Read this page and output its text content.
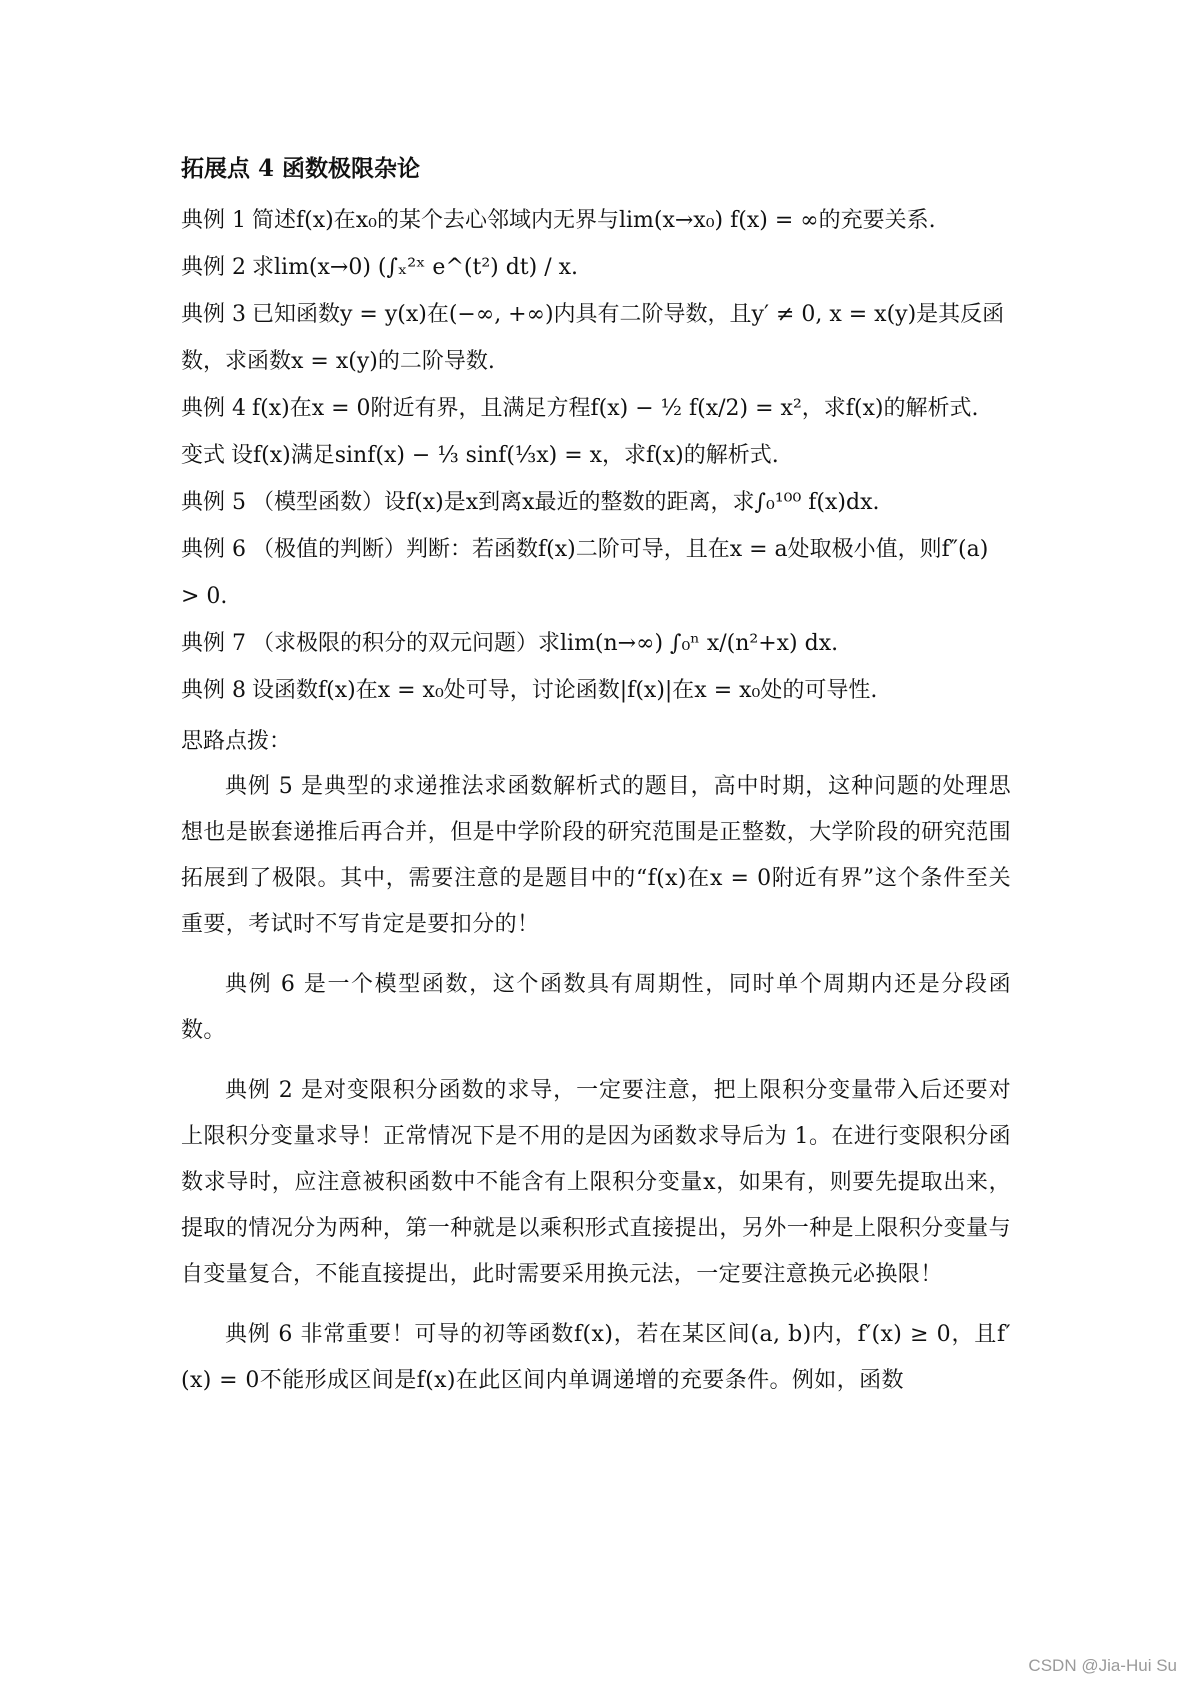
拓展点 4 函数极限杂论

典例 1 简述f(x)在x₀的某个去心邻域内无界与lim(x→x₀) f(x) = ∞的充要关系.

典例 2 求lim(x→0) (∫ₓ²ˣ e^(t²) dt) / x.

典例 3 已知函数y = y(x)在(−∞, +∞)内具有二阶导数，且y′ ≠ 0, x = x(y)是其反函数，求函数x = x(y)的二阶导数.

典例 4 f(x)在x = 0附近有界，且满足方程f(x) − ½ f(x/2) = x²，求f(x)的解析式.

变式 设f(x)满足sinf(x) − ⅓ sinf(⅓x) = x，求f(x)的解析式.

典例 5 （模型函数）设f(x)是x到离x最近的整数的距离，求∫₀¹⁰⁰ f(x)dx.

典例 6 （极值的判断）判断：若函数f(x)二阶可导，且在x = a处取极小值，则f″(a) > 0.

典例 7 （求极限的积分的双元问题）求lim(n→∞) ∫₀ⁿ x/(n²+x) dx.

典例 8 设函数f(x)在x = x₀处可导，讨论函数|f(x)|在x = x₀处的可导性.

思路点拨：

典例 5 是典型的求递推法求函数解析式的题目，高中时期，这种问题的处理思想也是嵌套递推后再合并，但是中学阶段的研究范围是正整数，大学阶段的研究范围拓展到了极限。其中，需要注意的是题目中的“f(x)在x = 0附近有界”这个条件至关重要，考试时不写肯定是要扣分的！

典例 6 是一个模型函数，这个函数具有周期性，同时单个周期内还是分段函数。

典例 2 是对变限积分函数的求导，一定要注意，把上限积分变量带入后还要对上限积分变量求导！正常情况下是不用的是因为函数求导后为 1。在进行变限积分函数求导时，应注意被积函数中不能含有上限积分变量x，如果有，则要先提取出来，提取的情况分为两种，第一种就是以乘积形式直接提出，另外一种是上限积分变量与自变量复合，不能直接提出，此时需要采用换元法，一定要注意换元必换限！

典例 6 非常重要！可导的初等函数f(x)，若在某区间(a, b)内，f′(x) ≥ 0，且f′(x) = 0不能形成区间是f(x)在此区间内单调递增的充要条件。例如，函数

CSDN @Jia-Hui Su
